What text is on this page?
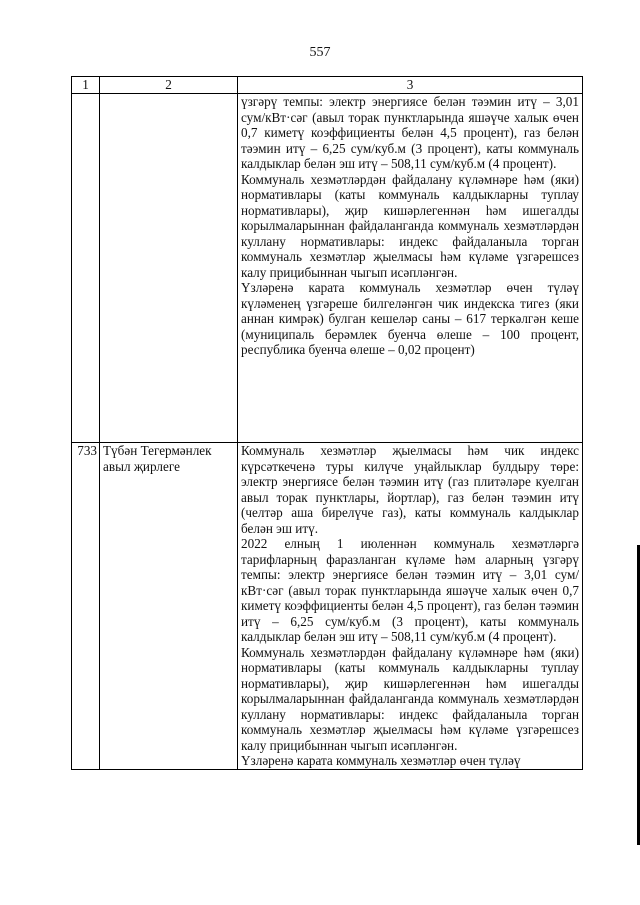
557
1	2	3

		үзгәрү темпы: электр энергиясе белән тәэмин итү – 3,01 сум/кВт·сәг (авыл торак пунктларында яшәүче халык өчен 0,7 киметү коэффициенты белән 4,5 процент), газ белән тәэмин итү – 6,25 сум/куб.м (3 процент), каты коммуналь калдыклар белән эш итү – 508,11 сум/куб.м (4 процент).

Коммуналь хезмәтләрдән файдалану күләмнәре һәм (яки) нормативлары (каты коммуналь калдыкларны туплау нормативлары), җир кишәрлегеннән һәм ишегалды корылмаларыннан файдаланганда коммуналь хезмәтләрдән куллану нормативлары: индекс файдаланыла торган коммуналь хезмәтләр җыелмасы һәм күләме үзгәрешсез калу прицибыннан чыгып исәпләнгән.

Үзләренә карата коммуналь хезмәтләр өчен түләү күләменең үзгәреше билгеләнгән чик индекска тигез (яки аннан кимрәк) булган кешеләр саны – 617 теркәлгән кеше (муниципаль берәмлек буенча өлеше – 100 процент, республика буенча өлеше – 0,02 процент)

733	Түбән Тегермәнлек авыл җирлеге	Коммуналь хезмәтләр җыелмасы һәм чик индекс күрсәткеченә туры килүче уңайлыклар булдыру төре: электр энергиясе белән тәэмин итү (газ плитәләре куелган авыл торак пунктлары, йортлар), газ белән тәэмин итү (челтәр аша бирелүче газ), каты коммуналь калдыклар белән эш итү.

2022 елның 1 июленнән коммуналь хезмәтләргә тарифларның фаразланган күләме һәм аларның үзгәрү темпы: электр энергиясе белән тәэмин итү – 3,01 сум/кВт·сәг (авыл торак пунктларында яшәүче халык өчен 0,7 киметү коэффициенты белән 4,5 процент), газ белән тәэмин итү – 6,25 сум/куб.м (3 процент), каты коммуналь калдыклар белән эш итү – 508,11 сум/куб.м (4 процент).

Коммуналь хезмәтләрдән файдалану күләмнәре һәм (яки) нормативлары (каты коммуналь калдыкларны туплау нормативлары), җир кишәрлегеннән һәм ишегалды корылмаларыннан файдаланганда коммуналь хезмәтләрдән куллану нормативлары: индекс файдаланыла торган коммуналь хезмәтләр җыелмасы һәм күләме үзгәрешсез калу прицибыннан чыгып исәпләнгән.

Үзләренә карата коммуналь хезмәтләр өчен түләү
